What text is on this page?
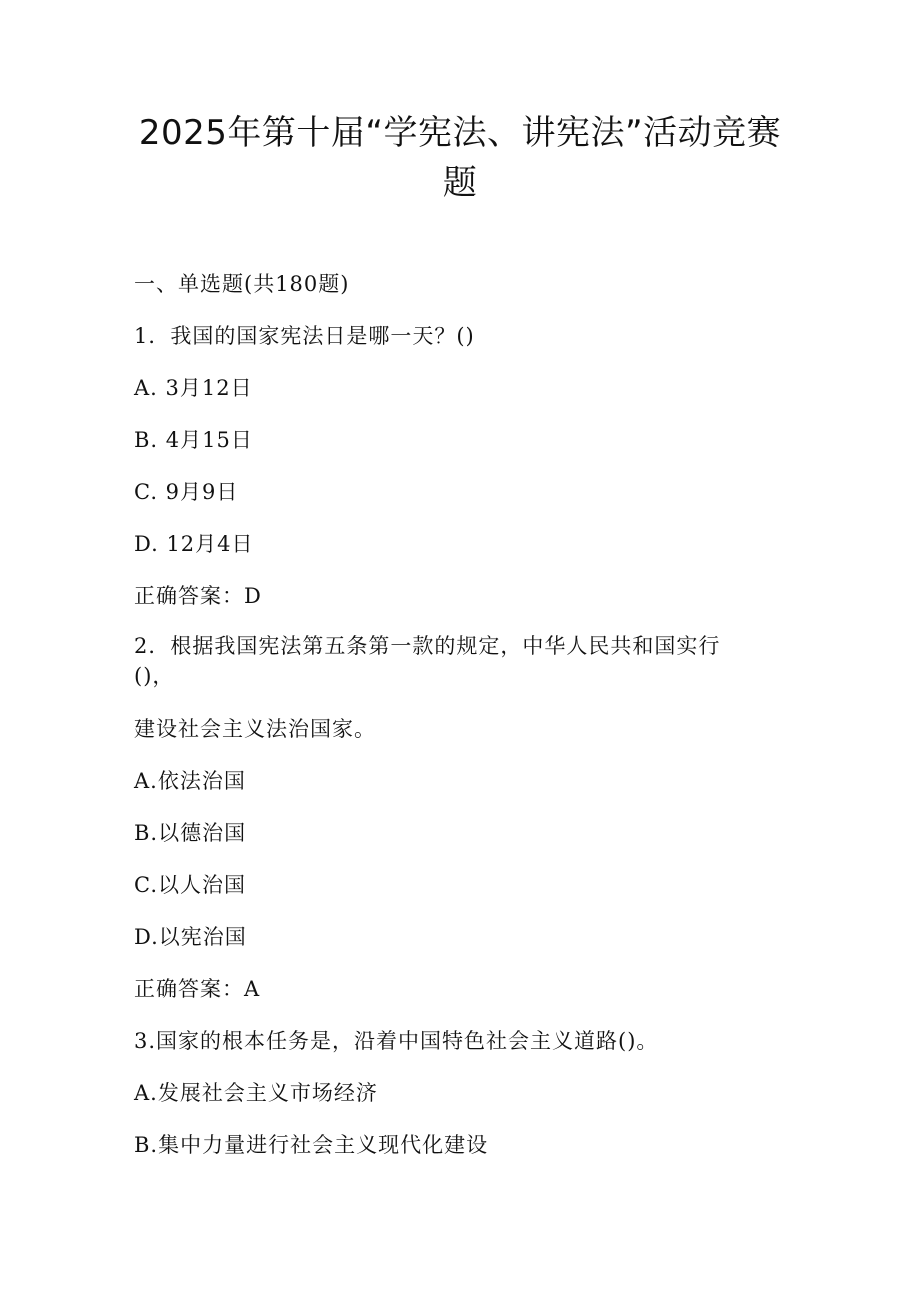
2025年第十届“学宪法、讲宪法”活动竞赛题
一、单选题(共180题)
1．我国的国家宪法日是哪一天？()
A. 3月12日
B. 4月15日
C. 9月9日
D. 12月4日
正确答案：D
2．根据我国宪法第五条第一款的规定，中华人民共和国实行
()，
建设社会主义法治国家。
A.依法治国
B.以德治国
C.以人治国
D.以宪治国
正确答案：A
3.国家的根本任务是，沿着中国特色社会主义道路()。
A.发展社会主义市场经济
B.集中力量进行社会主义现代化建设
